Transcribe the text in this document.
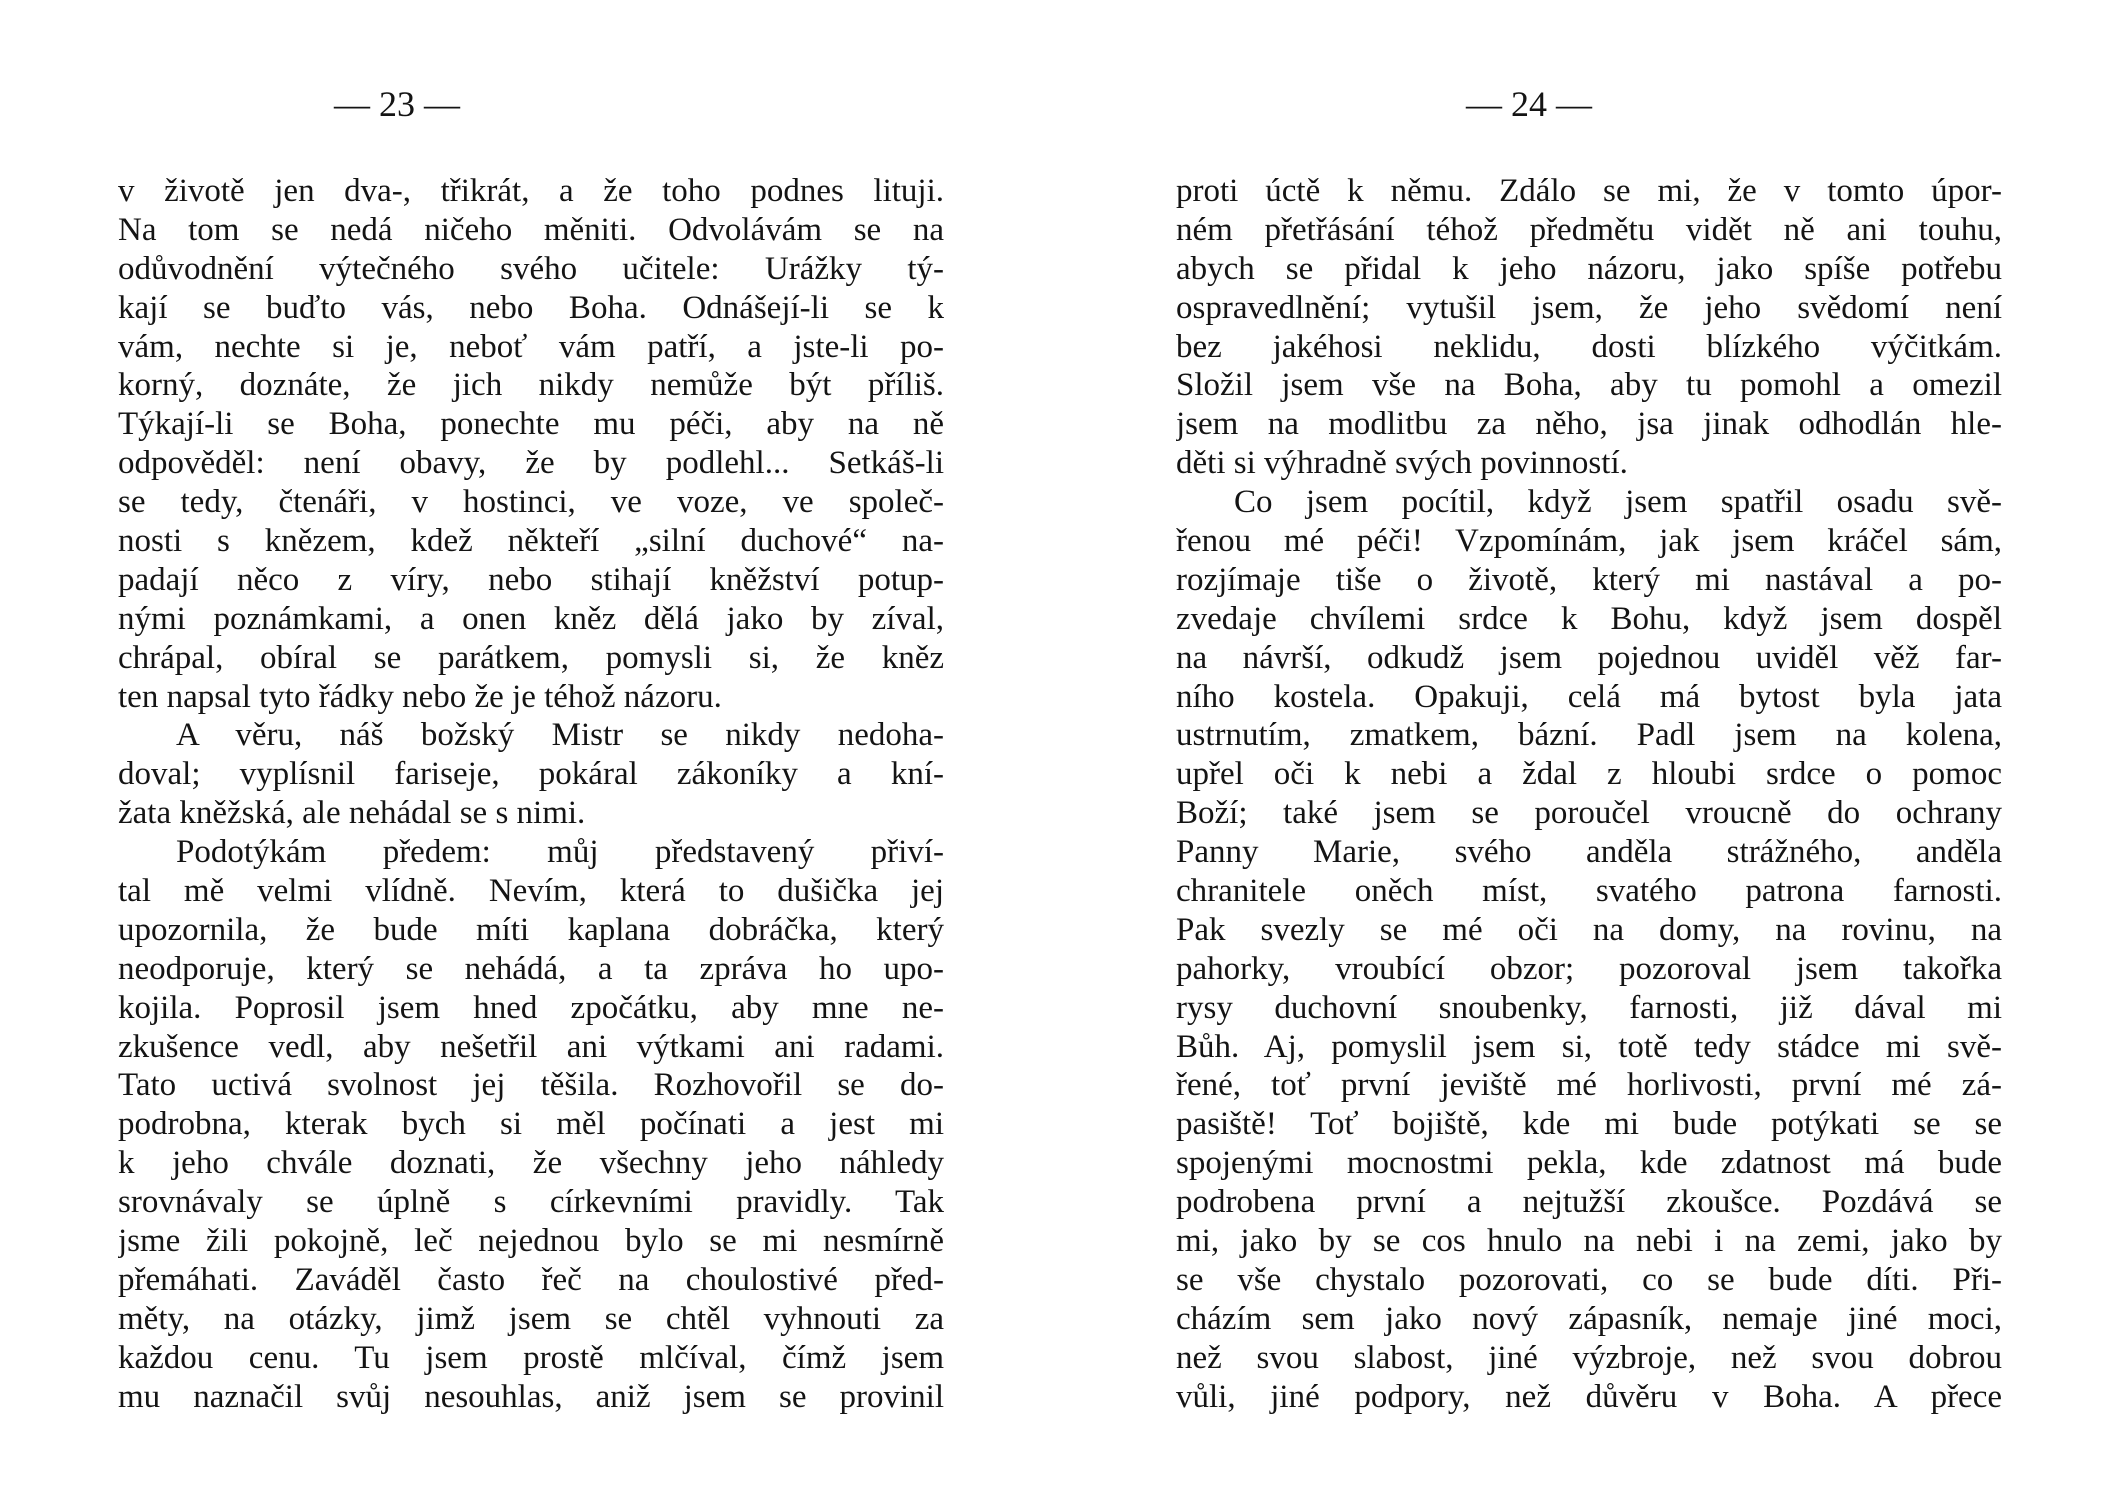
— 23 —
v životě jen dva-, třikrát, a že toho podnes lituji.
Na tom se nedá ničeho měniti. Odvolávám se na
odůvodnění výtečného svého učitele: Urážky tý-
kají se buďto vás, nebo Boha. Odnášejí-li se k
vám, nechte si je, neboť vám patří, a jste-li po-
korný, doznáte, že jich nikdy nemůže být příliš.
Týkají-li se Boha, ponechte mu péči, aby na ně
odpověděl: není obavy, že by podlehl... Setkáš-li
se tedy, čtenáři, v hostinci, ve voze, ve společ-
nosti s knězem, kdež někteří „silní duchové“ na-
padají něco z víry, nebo stihají kněžství potup-
nými poznámkami, a onen kněz dělá jako by zíval,
chrápal, obíral se parátkem, pomysli si, že kněz
ten napsal tyto řádky nebo že je téhož názoru.
A věru, náš božský Mistr se nikdy nedoha-
doval; vyplísnil fariseje, pokáral zákoníky a kní-
žata kněžská, ale nehádal se s nimi.
Podotýkám předem: můj představený přiví-
tal mě velmi vlídně. Nevím, která to dušička jej
upozornila, že bude míti kaplana dobráčka, který
neodporuje, který se nehádá, a ta zpráva ho upo-
kojila. Poprosil jsem hned zpočátku, aby mne ne-
zkušence vedl, aby nešetřil ani výtkami ani radami.
Tato uctivá svolnost jej těšila. Rozhovořil se do-
podrobna, kterak bych si měl počínati a jest mi
k jeho chvále doznati, že všechny jeho náhledy
srovnávaly se úplně s církevními pravidly. Tak
jsme žili pokojně, leč nejednou bylo se mi nesmírně
přemáhati. Zaváděl často řeč na choulostivé před-
měty, na otázky, jimž jsem se chtěl vyhnouti za
každou cenu. Tu jsem prostě mlčíval, čímž jsem
mu naznačil svůj nesouhlas, aniž jsem se provinil
— 24 —
proti úctě k němu. Zdálo se mi, že v tomto úpor-
ném přetřásání téhož předmětu vidět ně ani touhu,
abych se přidal k jeho názoru, jako spíše potřebu
ospravedlnění; vytušil jsem, že jeho svědomí není
bez jakéhosi neklidu, dosti blízkého výčitkám.
Složil jsem vše na Boha, aby tu pomohl a omezil
jsem na modlitbu za něho, jsa jinak odhodlán hle-
děti si výhradně svých povinností.
Co jsem pocítil, když jsem spatřil osadu svě-
řenou mé péči! Vzpomínám, jak jsem kráčel sám,
rozjímaje tiše o životě, který mi nastával a po-
zvedaje chvílemi srdce k Bohu, když jsem dospěl
na návrší, odkudž jsem pojednou uviděl věž far-
ního kostela. Opakuji, celá má bytost byla jata
ustrnutím, zmatkem, bázní. Padl jsem na kolena,
upřel oči k nebi a ždal z hloubi srdce o pomoc
Boží; také jsem se poroučel vroucně do ochrany
Panny Marie, svého anděla strážného, anděla
chranitele oněch míst, svatého patrona farnosti.
Pak svezly se mé oči na domy, na rovinu, na
pahorky, vroubící obzor; pozoroval jsem takořka
rysy duchovní snoubenky, farnosti, již dával mi
Bůh. Aj, pomyslil jsem si, totě tedy stádce mi svě-
řené, toť první jeviště mé horlivosti, první mé zá-
pasiště! Toť bojiště, kde mi bude potýkati se se
spojenými mocnostmi pekla, kde zdatnost má bude
podrobena první a nejtužší zkoušce. Pozdává se
mi, jako by se cos hnulo na nebi i na zemi, jako by
se vše chystalo pozorovati, co se bude díti. Při-
cházím sem jako nový zápasník, nemaje jiné moci,
než svou slabost, jiné výzbroje, než svou dobrou
vůli, jiné podpory, než důvěru v Boha. A přece
